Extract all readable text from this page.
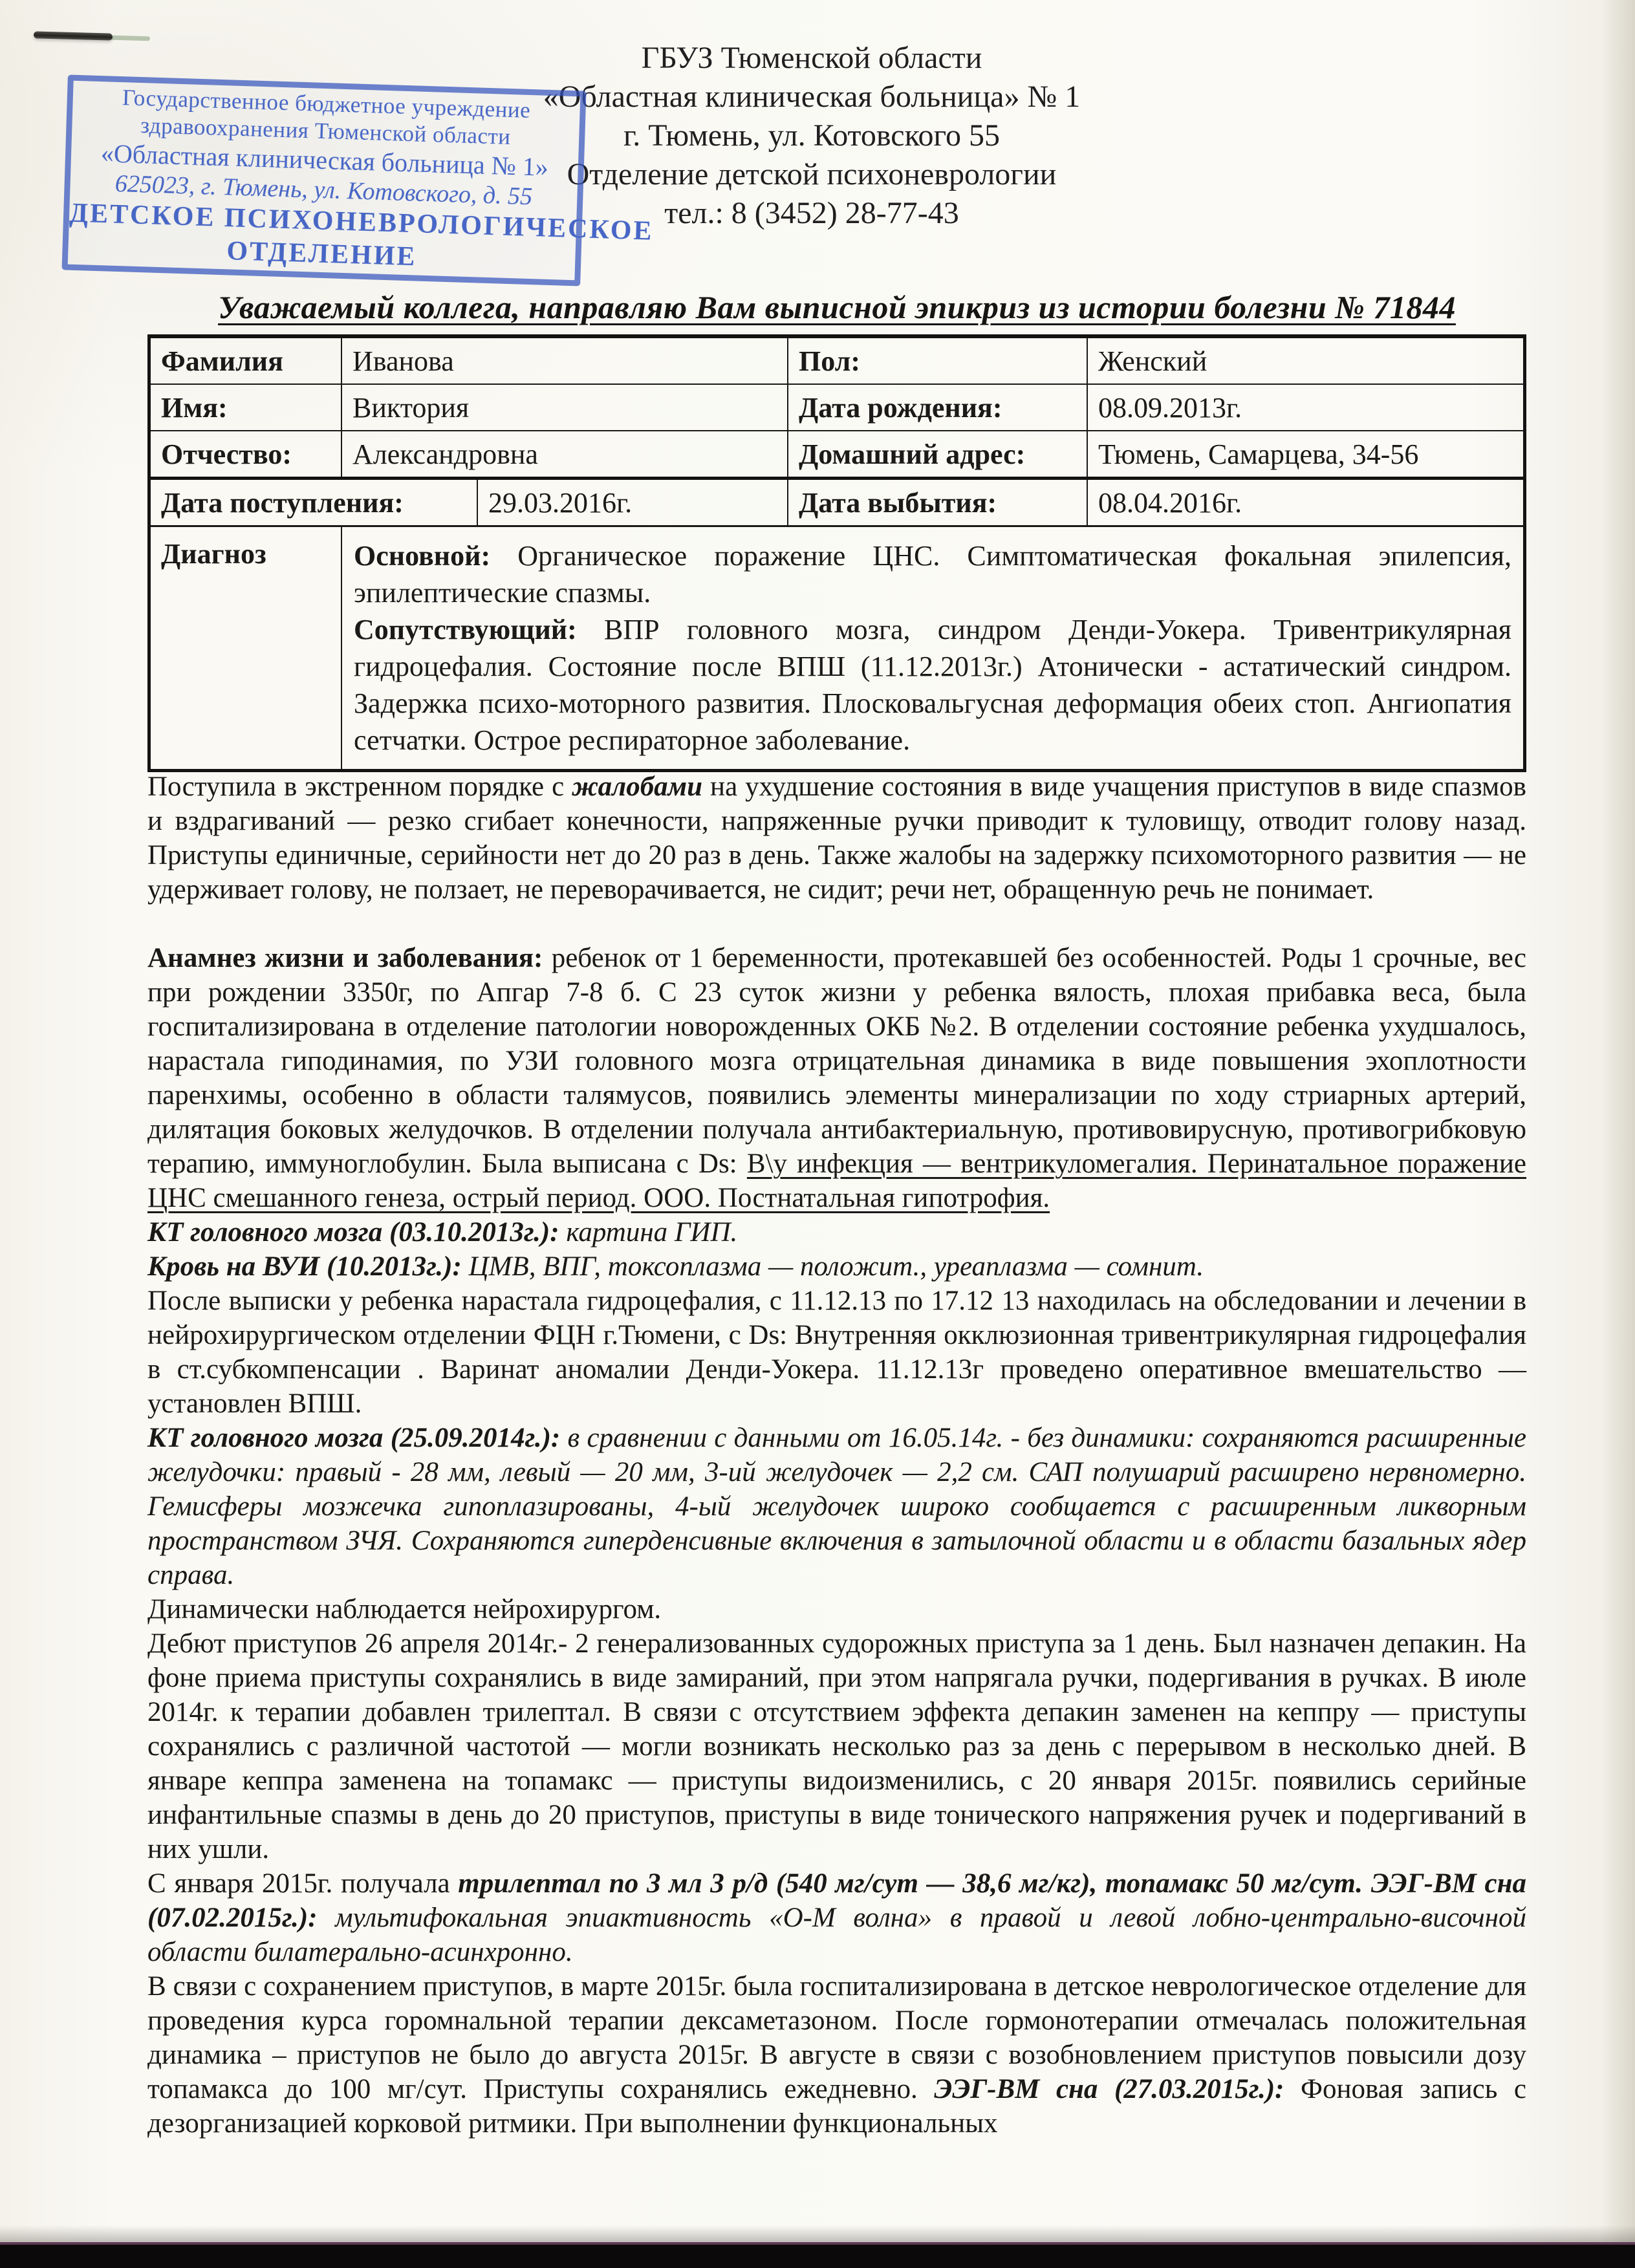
ГБУЗ Тюменской области
«Областная клиническая больница» № 1
г. Тюмень, ул. Котовского 55
Отделение детской психоневрологии
тел.: 8 (3452) 28-77-43
Государственное бюджетное учреждение
здравоохранения Тюменской области
«Областная клиническая больница № 1»
625023, г. Тюмень, ул. Котовского, д. 55
ДЕТСКОЕ ПСИХОНЕВРОЛОГИЧЕСКОЕ
ОТДЕЛЕНИЕ
Уважаемый коллега, направляю Вам выписной эпикриз из истории болезни № 71844
Фамилия	Иванова	Пол:	Женский
Имя:	Виктория	Дата рождения:	08.09.2013г.
Отчество:	Александровна	Домашний адрес:	Тюмень, Самарцева, 34-56
Дата поступления:	29.03.2016г.	Дата выбытия:	08.04.2016г.
Диагноз	Основной: Органическое поражение ЦНС. Симптоматическая фокальная эпилепсия, эпилептические спазмы.

Сопутствующий: ВПР головного мозга, синдром Денди-Уокера. Тривентрикулярная гидроцефалия. Состояние после ВПШ (11.12.2013г.) Атонически - астатический синдром. Задержка психо-моторного развития. Плосковальгусная деформация обеих стоп. Ангиопатия сетчатки. Острое респираторное заболевание.

Поступила в экстренном порядке с жалобами на ухудшение состояния в виде учащения приступов в виде спазмов и вздрагиваний — резко сгибает конечности, напряженные ручки приводит к туловищу, отводит голову назад. Приступы единичные, серийности нет до 20 раз в день. Также жалобы на задержку психомоторного развития — не удерживает голову, не ползает, не переворачивается, не сидит; речи нет, обращенную речь не понимает.

Анамнез жизни и заболевания: ребенок от 1 беременности, протекавшей без особенностей. Роды 1 срочные, вес при рождении 3350г, по Апгар 7-8 б. С 23 суток жизни у ребенка вялость, плохая прибавка веса, была госпитализирована в отделение патологии новорожденных ОКБ №2. В отделении состояние ребенка ухудшалось, нарастала гиподинамия, по УЗИ головного мозга отрицательная динамика в виде повышения эхоплотности паренхимы, особенно в области талямусов, появились элементы минерализации по ходу стриарных артерий, дилятация боковых желудочков. В отделении получала антибактериальную, противовирусную, противогрибковую терапию, иммуноглобулин. Была выписана с Ds: В\у инфекция — вентрикуломегалия. Перинатальное поражение ЦНС смешанного генеза, острый период. ООО. Постнатальная гипотрофия.

КТ головного мозга (03.10.2013г.): картина ГИП.

Кровь на ВУИ (10.2013г.): ЦМВ, ВПГ, токсоплазма — положит., уреаплазма — сомнит.

После выписки у ребенка нарастала гидроцефалия, с 11.12.13 по 17.12 13 находилась на обследовании и лечении в нейрохирургическом отделении ФЦН г.Тюмени, с Ds: Внутренняя окклюзионная тривентрикулярная гидроцефалия в ст.субкомпенсации . Варинат аномалии Денди-Уокера. 11.12.13г проведено оперативное вмешательство — установлен ВПШ.

КТ головного мозга (25.09.2014г.): в сравнении с данными от 16.05.14г. - без динамики: сохраняются расширенные желудочки: правый - 28 мм, левый — 20 мм, 3-ий желудочек — 2,2 см. САП полушарий расширено нервномерно. Гемисферы мозжечка гипоплазированы, 4-ый желудочек широко сообщается с расширенным ликворным пространством ЗЧЯ. Сохраняются гиперденсивные включения в затылочной области и в области базальных ядер справа.

Динамически наблюдается нейрохирургом.

Дебют приступов 26 апреля 2014г.- 2 генерализованных судорожных приступа за 1 день. Был назначен депакин. На фоне приема приступы сохранялись в виде замираний, при этом напрягала ручки, подергивания в ручках. В июле 2014г. к терапии добавлен трилептал. В связи с отсутствием эффекта депакин заменен на кеппру — приступы сохранялись с различной частотой — могли возникать несколько раз за день с перерывом в несколько дней. В январе кеппра заменена на топамакс — приступы видоизменились, с 20 января 2015г. появились серийные инфантильные спазмы в день до 20 приступов, приступы в виде тонического напряжения ручек и подергиваний в них ушли.

С января 2015г. получала трилептал по 3 мл 3 р/д (540 мг/сут — 38,6 мг/кг), топамакс 50 мг/сут. ЭЭГ-ВМ сна (07.02.2015г.): мультифокальная эпиактивность «О-М волна» в правой и левой лобно-центрально-височной области билатерально-асинхронно.

В связи с сохранением приступов, в марте 2015г. была госпитализирована в детское неврологическое отделение для проведения курса горомнальной терапии дексаметазоном. После гормонотерапии отмечалась положительная динамика – приступов не было до августа 2015г. В августе в связи с возобновлением приступов повысили дозу топамакса до 100 мг/сут. Приступы сохранялись ежедневно. ЭЭГ-ВМ сна (27.03.2015г.): Фоновая запись с дезорганизацией корковой ритмики. При выполнении функциональных
